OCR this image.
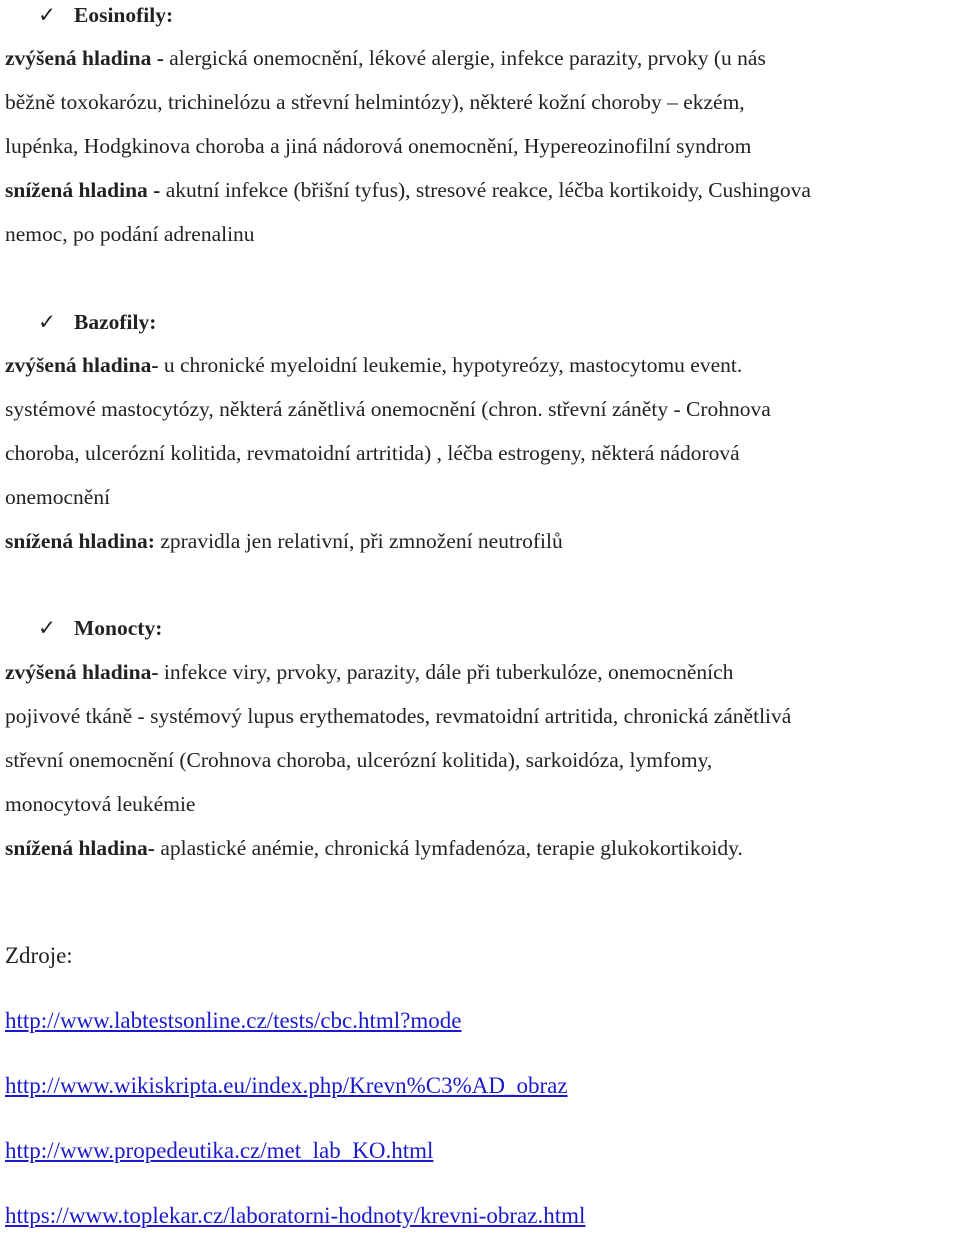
✓ Eosinofily:
zvýšená hladina - alergická onemocnění, lékové alergie, infekce parazity, prvoky (u nás
běžně toxokarózu, trichinelózu a střevní helmintózy), některé kožní choroby – ekzém,
lupénka, Hodgkinova choroba a jiná nádorová onemocnění, Hypereozinofilní syndrom
snížená hladina - akutní infekce (břišní tyfus), stresové reakce, léčba kortikoidy, Cushingova
nemoc, po podání adrenalinu
✓ Bazofily:
zvýšená hladina- u chronické myeloidní leukemie, hypotyreózy, mastocytomu event.
systémové mastocytózy, některá zánětlivá onemocnění (chron. střevní záněty - Crohnova
choroba, ulcerózní kolitida, revmatoidní artritida) , léčba estrogeny, některá nádorová
onemocnění
snížená hladina: zpravidla jen relativní, při zmnožení neutrofilů
✓ Monocty:
zvýšená hladina- infekce viry, prvoky, parazity, dále při tuberkulóze, onemocněních
pojivové tkáně - systémový lupus erythematodes, revmatoidní artritida, chronická zánětlivá
střevní onemocnění (Crohnova choroba, ulcerózní kolitida), sarkoidóza, lymfomy,
monocytová leukémie
snížená hladina- aplastické anémie, chronická lymfadenóza, terapie glukokortikoidy.
Zdroje:
http://www.labtestsonline.cz/tests/cbc.html?mode
http://www.wikiskripta.eu/index.php/Krevn%C3%AD_obraz
http://www.propedeutika.cz/met_lab_KO.html
https://www.toplekar.cz/laboratorni-hodnoty/krevni-obraz.html
